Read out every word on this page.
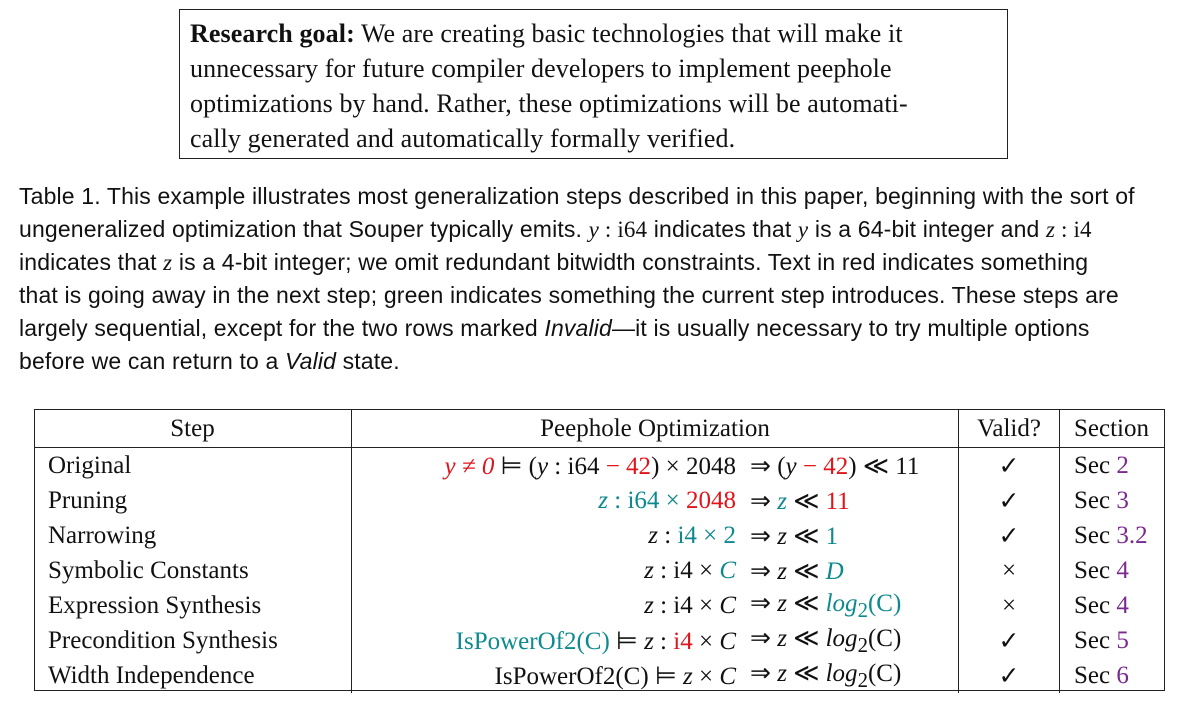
Research goal: We are creating basic technologies that will make it
unnecessary for future compiler developers to implement peephole
optimizations by hand. Rather, these optimizations will be automati-
cally generated and automatically formally verified.
Table 1. This example illustrates most generalization steps described in this paper, beginning with the sort of
ungeneralized optimization that Souper typically emits. y : i64 indicates that y is a 64-bit integer and z : i4
indicates that z is a 4-bit integer; we omit redundant bitwidth constraints. Text in red indicates something
that is going away in the next step; green indicates something the current step introduces. These steps are
largely sequential, except for the two rows marked Invalid—it is usually necessary to try multiple options
before we can return to a Valid state.
Step	Peephole Optimization	Valid?	Section
Original	y ≠ 0 ⊨ (y : i64 − 42) × 2048 ⇒ (y − 42) ≪ 11	✓	Sec 2
Pruning	z : i64 × 2048 ⇒ z ≪ 11	✓	Sec 3
Narrowing	z : i4 × 2 ⇒ z ≪ 1	✓	Sec 3.2
Symbolic Constants	z : i4 × C ⇒ z ≪ D	×	Sec 4
Expression Synthesis	z : i4 × C ⇒ z ≪ $\log_2(C)$	×	Sec 4
Precondition Synthesis	IsPowerOf2(C) ⊨ z : i4 × C ⇒ z ≪ $\log_2(C)$	✓	Sec 5
Width Independence	IsPowerOf2(C) ⊨ z × C ⇒ z ≪ $\log_2(C)$	✓	Sec 6
